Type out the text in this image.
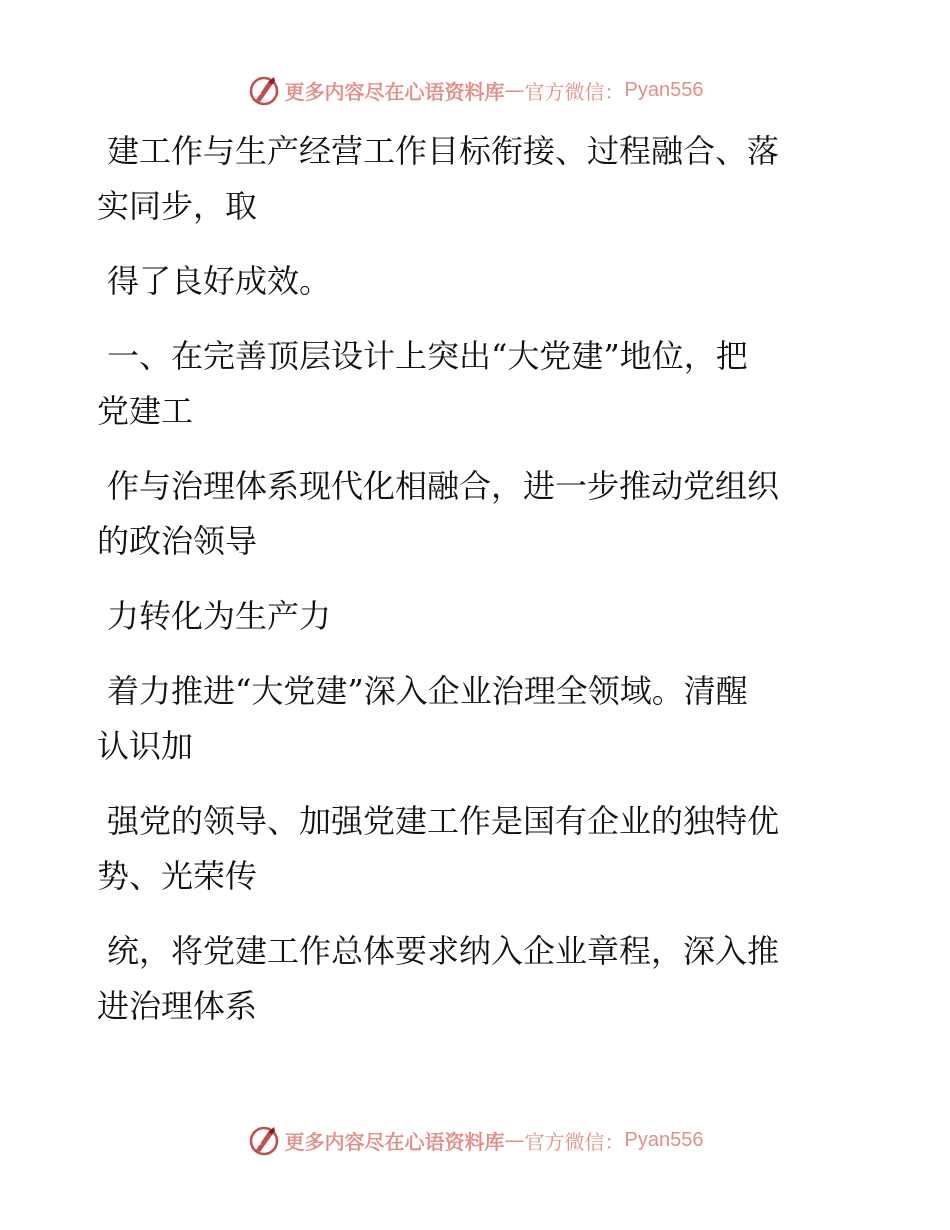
更多内容尽在心语资料库 — 官方微信： Pyan556

建工作与生产经营工作目标衔接、过程融合、落
实同步，取

得了良好成效。

一、在完善顶层设计上突出“大党建”地位，把
党建工

作与治理体系现代化相融合，进一步推动党组织
的政治领导

力转化为生产力

着力推进“大党建”深入企业治理全领域。清醒
认识加

强党的领导、加强党建工作是国有企业的独特优
势、光荣传

统，将党建工作总体要求纳入企业章程，深入推
进治理体系

更多内容尽在心语资料库 — 官方微信： Pyan556
